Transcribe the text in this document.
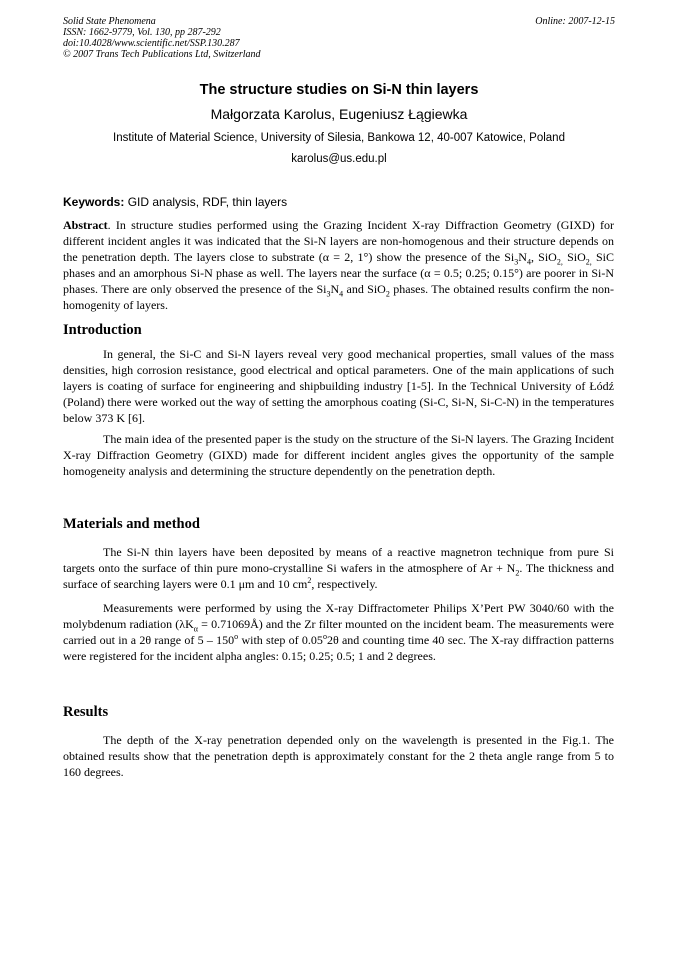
Solid State Phenomena
ISSN: 1662-9779, Vol. 130, pp 287-292
doi:10.4028/www.scientific.net/SSP.130.287
© 2007 Trans Tech Publications Ltd, Switzerland
Online: 2007-12-15
The structure studies on Si-N thin layers
Małgorzata Karolus, Eugeniusz Łągiewka
Institute of Material Science, University of Silesia, Bankowa 12, 40-007 Katowice, Poland
karolus@us.edu.pl
Keywords: GID analysis, RDF, thin layers
Abstract. In structure studies performed using the Grazing Incident X-ray Diffraction Geometry (GIXD) for different incident angles it was indicated that the Si-N layers are non-homogenous and their structure depends on the penetration depth. The layers close to substrate (α = 2, 1°) show the presence of the $Si_3N_4$, SiO$_{2,}$ SiO$_{2,}$ SiC phases and an amorphous Si-N phase as well. The layers near the surface (α = 0.5; 0.25; 0.15°) are poorer in Si-N phases. There are only observed the presence of the $Si_3N_4$ and SiO$_2$ phases. The obtained results confirm the non-homogenity of layers.
Introduction
In general, the Si-C and Si-N layers reveal very good mechanical properties, small values of the mass densities, high corrosion resistance, good electrical and optical parameters. One of the main applications of such layers is coating of surface for engineering and shipbuilding industry [1-5]. In the Technical University of Łódź (Poland) there were worked out the way of setting the amorphous coating (Si-C, Si-N, Si-C-N) in the temperatures below 373 K [6].
The main idea of the presented paper is the study on the structure of the Si-N layers. The Grazing Incident X-ray Diffraction Geometry (GIXD) made for different incident angles gives the opportunity of the sample homogeneity analysis and determining the structure dependently on the penetration depth.
Materials and method
The Si-N thin layers have been deposited by means of a reactive magnetron technique from pure Si targets onto the surface of thin pure mono-crystalline Si wafers in the atmosphere of $Ar + N_2$. The thickness and surface of searching layers were 0.1 μm and 10 $cm^2$, respectively.
Measurements were performed by using the X-ray Diffractometer Philips X’Pert PW 3040/60 with the molybdenum radiation ($\lambda K_\alpha$ = 0.71069Å) and the Zr filter mounted on the incident beam. The measurements were carried out in a 2θ range of 5 – 150$^o$ with step of 0.05$^o$2θ and counting time 40 sec. The X-ray diffraction patterns were registered for the incident alpha angles: 0.15; 0.25; 0.5; 1 and 2 degrees.
Results
The depth of the X-ray penetration depended only on the wavelength is presented in the Fig.1. The obtained results show that the penetration depth is approximately constant for the 2 theta angle range from 5 to 160 degrees.
